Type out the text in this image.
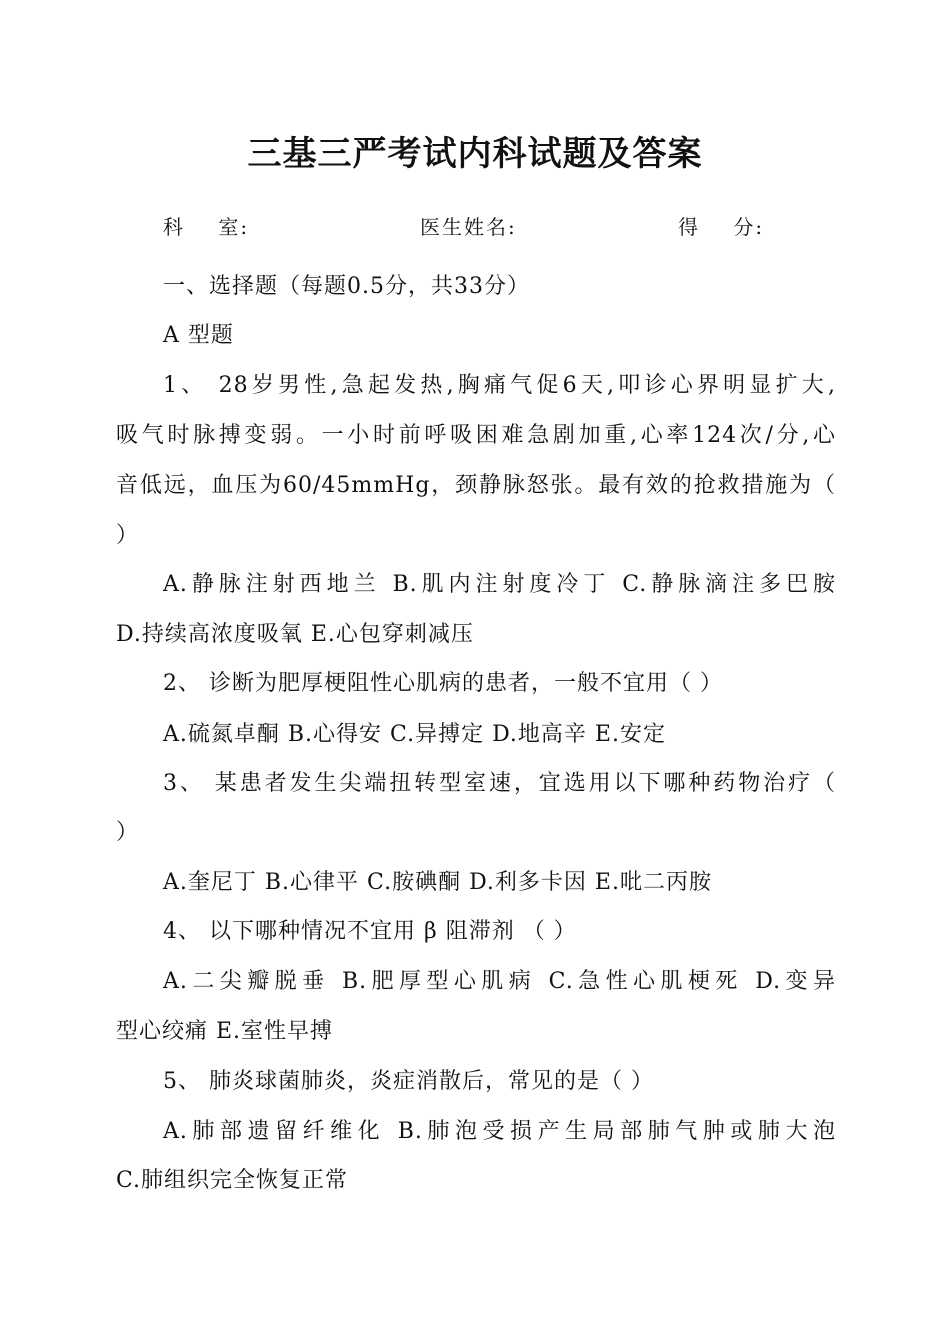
三基三严考试内科试题及答案
科    室:	医生姓名:	得    分:
一、选择题（每题0.5分，共33分）
A 型题
1、 28岁男性,急起发热,胸痛气促6天,叩诊心界明显扩大,
吸气时脉搏变弱。一小时前呼吸困难急剧加重,心率124次/分,心
音低远，血压为60/45mmHg，颈静脉怒张。最有效的抢救措施为（
）
A.静脉注射西地兰 B.肌内注射度冷丁 C.静脉滴注多巴胺
D.持续高浓度吸氧 E.心包穿刺减压
2、 诊断为肥厚梗阻性心肌病的患者，一般不宜用（ ）
A.硫氮卓酮 B.心得安 C.异搏定 D.地高辛 E.安定
3、 某患者发生尖端扭转型室速，宜选用以下哪种药物治疗（
）
A.奎尼丁 B.心律平 C.胺碘酮 D.利多卡因 E.吡二丙胺
4、 以下哪种情况不宜用 β 阻滞剂 （ ）
A.二尖瓣脱垂 B.肥厚型心肌病 C.急性心肌梗死 D.变异
型心绞痛 E.室性早搏
5、 肺炎球菌肺炎，炎症消散后，常见的是（ ）
A.肺部遗留纤维化 B.肺泡受损产生局部肺气肿或肺大泡
C.肺组织完全恢复正常
